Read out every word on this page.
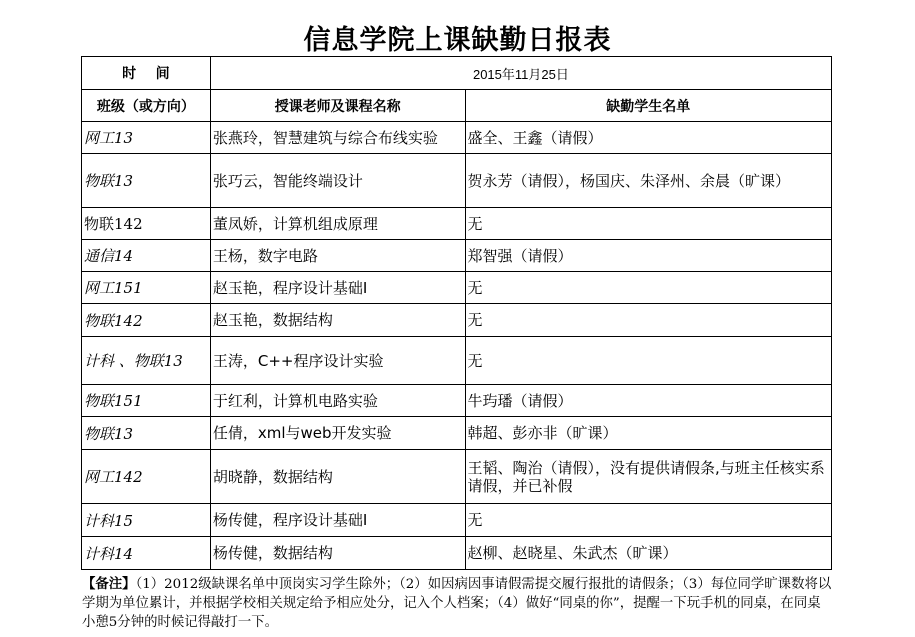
信息学院上课缺勤日报表
时    间	2015年11月25日	
班级（或方向）	授课老师及课程名称	缺勤学生名单
网工13	张燕玲，智慧建筑与综合布线实验	盛全、王鑫（请假）
物联13	张巧云，智能终端设计	贺永芳（请假），杨国庆、朱泽州、余晨（旷课）
物联142	董凤娇，计算机组成原理	无
通信14	王杨，数字电路	郑智强（请假）
网工151	赵玉艳，程序设计基础I	无
物联142	赵玉艳，数据结构	无
计科 、物联13	王涛，C++程序设计实验	无
物联151	于红利，计算机电路实验	牛玙璠（请假）
物联13	任倩，xml与web开发实验	韩超、彭亦非（旷课）
网工142	胡晓静，数据结构	王韬、陶治（请假），没有提供请假条,与班主任核实系请假，并已补假
计科15	杨传健，程序设计基础I	无
计科14	杨传健，数据结构	赵柳、赵晓星、朱武杰（旷课）
【备注】（1）2012级缺课名单中顶岗实习学生除外；（2）如因病因事请假需提交履行报批的请假条；（3）每位同学旷课数将以学期为单位累计，并根据学校相关规定给予相应处分，记入个人档案；（4）做好“同桌的你”，提醒一下玩手机的同桌，在同桌小憩5分钟的时候记得敲打一下。
